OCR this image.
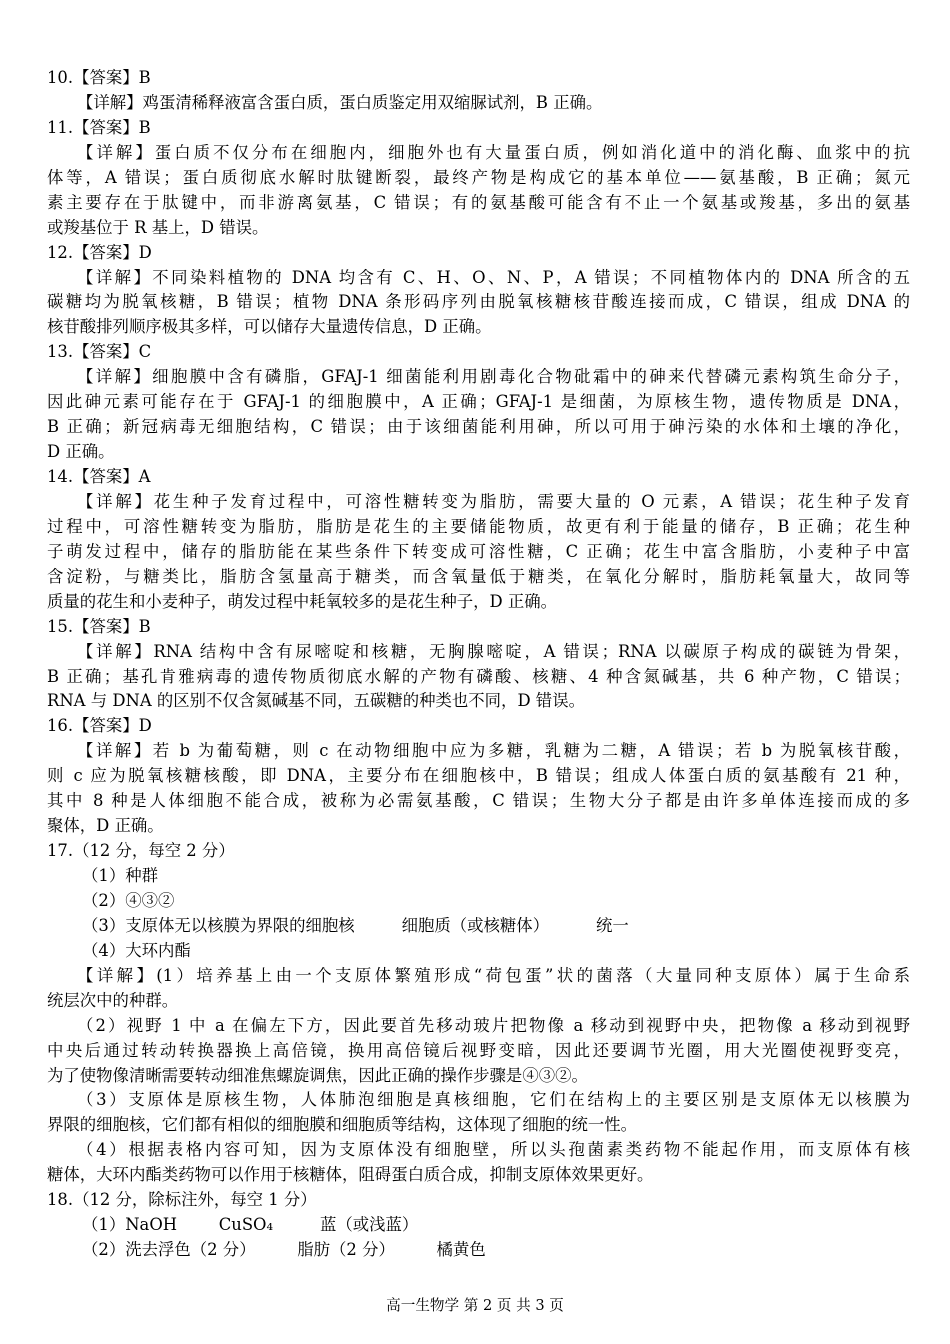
10.【答案】B
【详解】鸡蛋清稀释液富含蛋白质，蛋白质鉴定用双缩脲试剂，B 正确。
11.【答案】B
【详解】蛋白质不仅分布在细胞内，细胞外也有大量蛋白质，例如消化道中的消化酶、血浆中的抗
体等，A 错误；蛋白质彻底水解时肽键断裂，最终产物是构成它的基本单位——氨基酸，B 正确；氮元
素主要存在于肽键中，而非游离氨基，C 错误；有的氨基酸可能含有不止一个氨基或羧基，多出的氨基
或羧基位于 R 基上，D 错误。
12.【答案】D
【详解】不同染料植物的 DNA 均含有 C、H、O、N、P，A 错误；不同植物体内的 DNA 所含的五
碳糖均为脱氧核糖，B 错误；植物 DNA 条形码序列由脱氧核糖核苷酸连接而成，C 错误，组成 DNA 的
核苷酸排列顺序极其多样，可以储存大量遗传信息，D 正确。
13.【答案】C
【详解】细胞膜中含有磷脂，GFAJ-1 细菌能利用剧毒化合物砒霜中的砷来代替磷元素构筑生命分子，
因此砷元素可能存在于 GFAJ-1 的细胞膜中，A 正确；GFAJ-1 是细菌，为原核生物，遗传物质是 DNA，
B 正确；新冠病毒无细胞结构，C 错误；由于该细菌能利用砷，所以可用于砷污染的水体和土壤的净化，
D 正确。
14.【答案】A
【详解】花生种子发育过程中，可溶性糖转变为脂肪，需要大量的 O 元素，A 错误；花生种子发育
过程中，可溶性糖转变为脂肪，脂肪是花生的主要储能物质，故更有利于能量的储存，B 正确；花生种
子萌发过程中，储存的脂肪能在某些条件下转变成可溶性糖，C 正确；花生中富含脂肪，小麦种子中富
含淀粉，与糖类比，脂肪含氢量高于糖类，而含氧量低于糖类，在氧化分解时，脂肪耗氧量大，故同等
质量的花生和小麦种子，萌发过程中耗氧较多的是花生种子，D 正确。
15.【答案】B
【详解】RNA 结构中含有尿嘧啶和核糖，无胸腺嘧啶，A 错误；RNA 以碳原子构成的碳链为骨架，
B 正确；基孔肯雅病毒的遗传物质彻底水解的产物有磷酸、核糖、4 种含氮碱基，共 6 种产物，C 错误；
RNA 与 DNA 的区别不仅含氮碱基不同，五碳糖的种类也不同，D 错误。
16.【答案】D
【详解】若 b 为葡萄糖，则 c 在动物细胞中应为多糖，乳糖为二糖，A 错误；若 b 为脱氧核苷酸，
则 c 应为脱氧核糖核酸，即 DNA，主要分布在细胞核中，B 错误；组成人体蛋白质的氨基酸有 21 种，
其中 8 种是人体细胞不能合成，被称为必需氨基酸，C 错误；生物大分子都是由许多单体连接而成的多
聚体，D 正确。
17.（12 分，每空 2 分）
（1）种群
（2）④③②
（3）支原体无以核膜为界限的细胞核         细胞质（或核糖体）         统一
（4）大环内酯
【详解】(1）培养基上由一个支原体繁殖形成“荷包蛋”状的菌落（大量同种支原体）属于生命系
统层次中的种群。
（2）视野 1 中 a 在偏左下方，因此要首先移动玻片把物像 a 移动到视野中央，把物像 a 移动到视野
中央后通过转动转换器换上高倍镜，换用高倍镜后视野变暗，因此还要调节光圈，用大光圈使视野变亮，
为了使物像清晰需要转动细准焦螺旋调焦，因此正确的操作步骤是④③②。
（3）支原体是原核生物，人体肺泡细胞是真核细胞，它们在结构上的主要区别是支原体无以核膜为
界限的细胞核，它们都有相似的细胞膜和细胞质等结构，这体现了细胞的统一性。
（4）根据表格内容可知，因为支原体没有细胞壁，所以头孢菌素类药物不能起作用，而支原体有核
糖体，大环内酯类药物可以作用于核糖体，阻碍蛋白质合成，抑制支原体效果更好。
18.（12 分，除标注外，每空 1 分）
（1）NaOH        CuSO₄         蓝（或浅蓝）
（2）洗去浮色（2 分）        脂肪（2 分）        橘黄色
高一生物学 第 2 页 共 3 页
